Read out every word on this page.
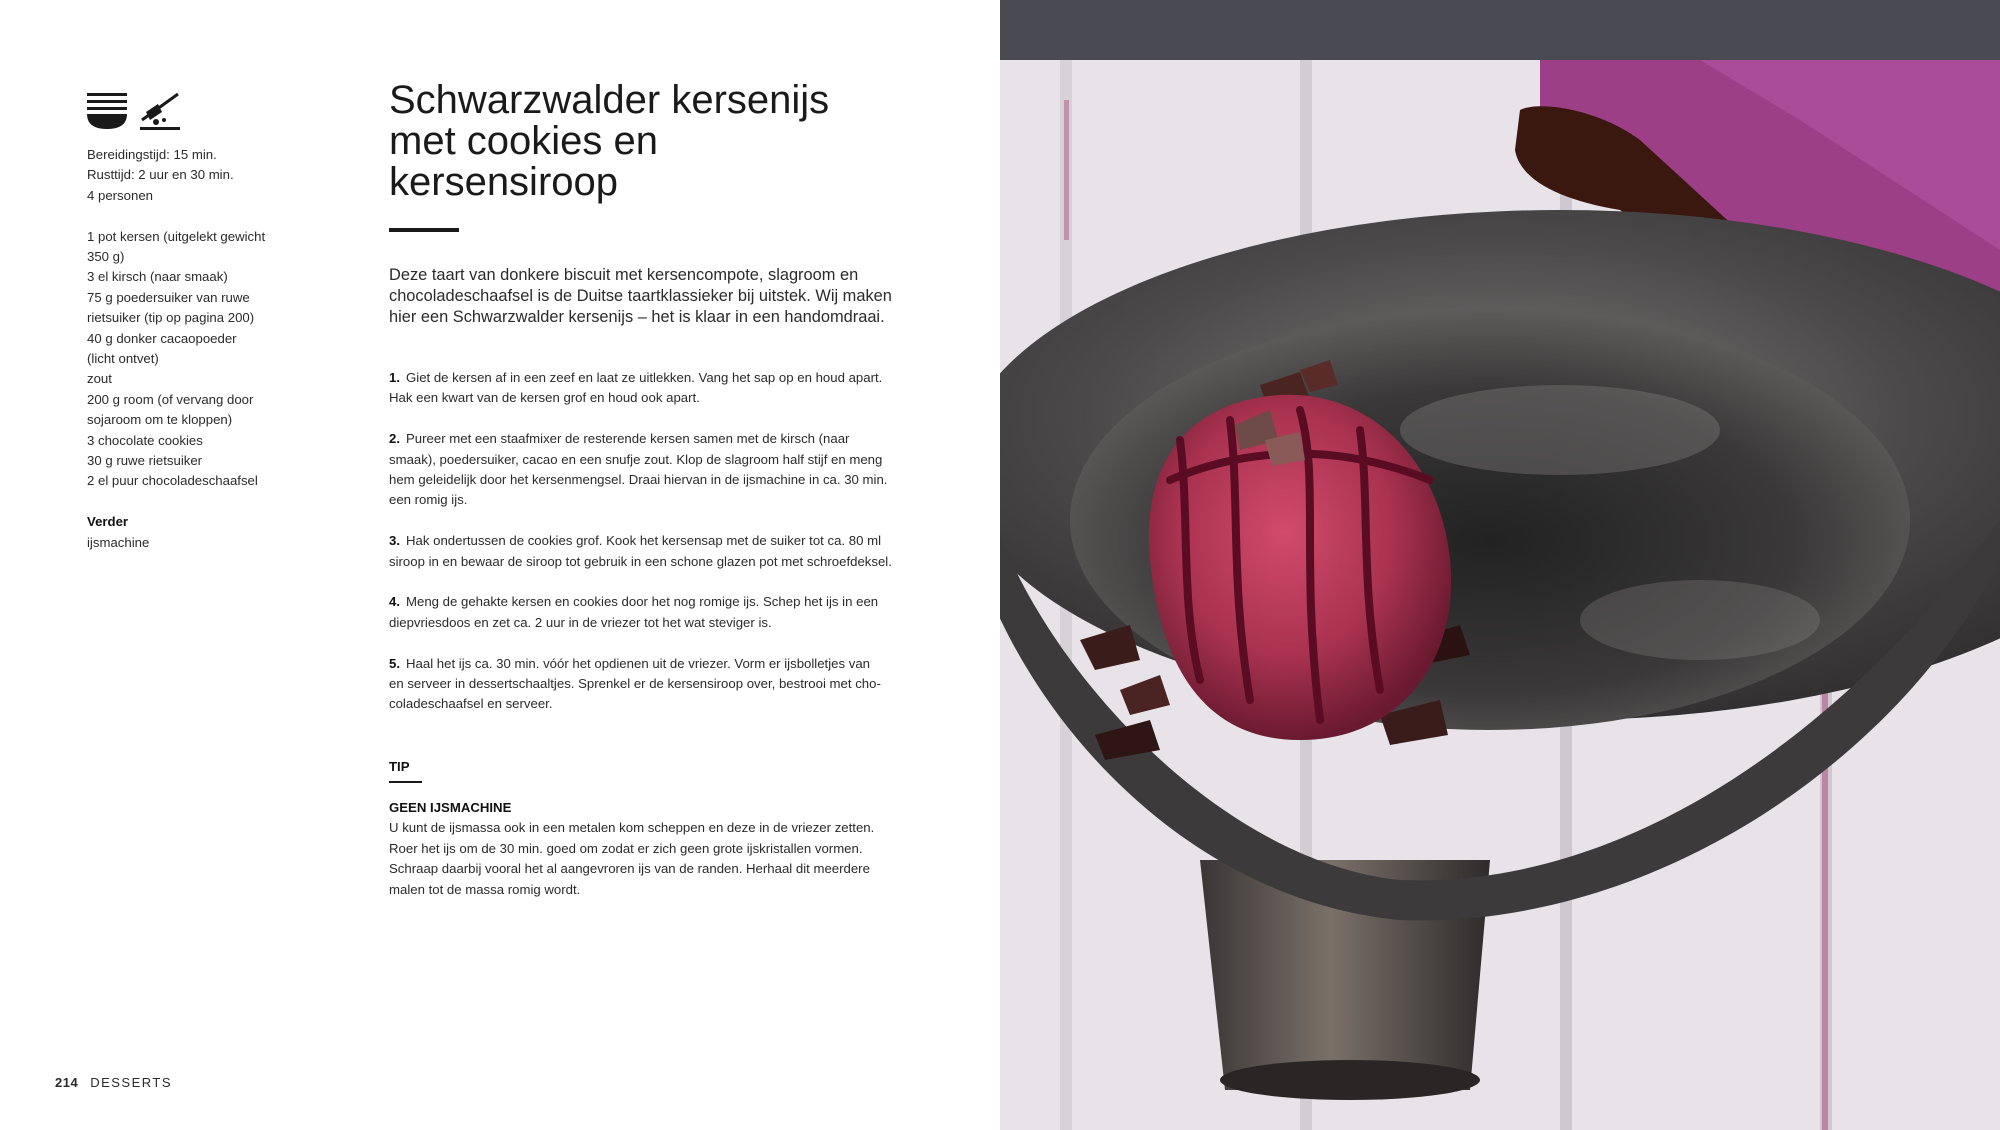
Bereidingstijd: 15 min.

Rusttijd: 2 uur en 30 min.

4 personen

1 pot kersen (uitgelekt gewicht

350 g)

3 el kirsch (naar smaak)

75 g poedersuiker van ruwe

rietsuiker (tip op pagina 200)

40 g donker cacaopoeder

(licht ontvet)

zout

200 g room (of vervang door

sojaroom om te kloppen)

3 chocolate cookies

30 g ruwe rietsuiker

2 el puur chocoladeschaafsel

Verder

ijsmachine

Schwarzwalder kersenijs
met cookies en
kersensiroop

Deze taart van donkere biscuit met kersencompote, slagroom en
chocoladeschaafsel is de Duitse taartklassieker bij uitstek. Wij maken
hier een Schwarzwalder kersenijs – het is klaar in een handomdraai.

1. Giet de kersen af in een zeef en laat ze uitlekken. Vang het sap op en houd apart.
Hak een kwart van de kersen grof en houd ook apart.

2. Pureer met een staafmixer de resterende kersen samen met de kirsch (naar
smaak), poedersuiker, cacao en een snufje zout. Klop de slagroom half stijf en meng
hem geleidelijk door het kersenmengsel. Draai hiervan in de ijsmachine in ca. 30 min.
een romig ijs.

3. Hak ondertussen de cookies grof. Kook het kersensap met de suiker tot ca. 80 ml
siroop in en bewaar de siroop tot gebruik in een schone glazen pot met schroefdeksel.

4. Meng de gehakte kersen en cookies door het nog romige ijs. Schep het ijs in een
diepvriesdoos en zet ca. 2 uur in de vriezer tot het wat steviger is.

5. Haal het ijs ca. 30 min. vóór het opdienen uit de vriezer. Vorm er ijsbolletjes van
en serveer in dessertschaaltjes. Sprenkel er de kersensiroop over, bestrooi met cho-
coladeschaafsel en serveer.

TIP

GEEN IJSMACHINE

U kunt de ijsmassa ook in een metalen kom scheppen en deze in de vriezer zetten.
Roer het ijs om de 30 min. goed om zodat er zich geen grote ijskristallen vormen.
Schraap daarbij vooral het al aangevroren ijs van de randen. Herhaal dit meerdere
malen tot de massa romig wordt.

214 DESSERTS
